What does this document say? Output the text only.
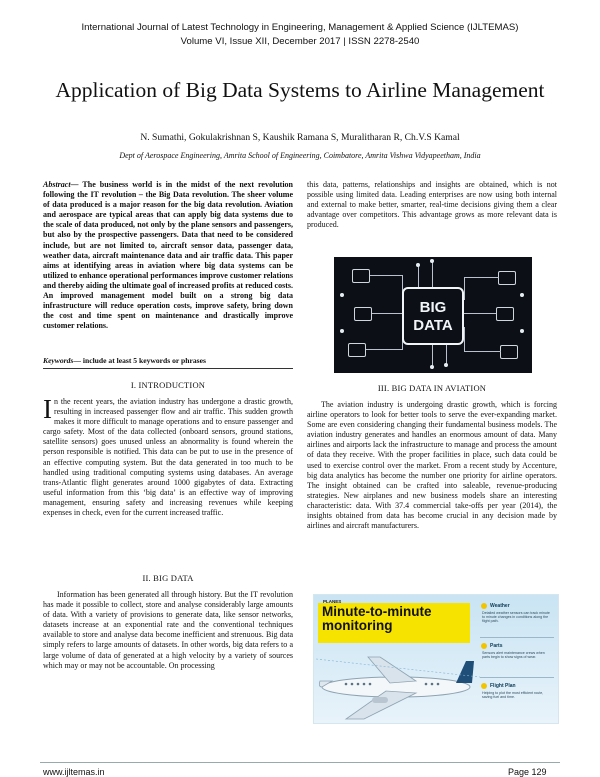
International Journal of Latest Technology in Engineering, Management & Applied Science (IJLTEMAS)
Volume VI, Issue XII, December 2017 | ISSN 2278-2540
Application of Big Data Systems to Airline Management
N. Sumathi, Gokulakrishnan S, Kaushik Ramana S, Muralitharan R, Ch.V.S Kamal
Dept of Aerospace Engineering, Amrita School of Engineering, Coimbatore, Amrita Vishwa Vidyapeetham, India

Abstract— The business world is in the midst of the next revolution following the IT revolution – the Big Data revolution. The sheer volume of data produced is a major reason for the big data revolution. Aviation and aerospace are typical areas that can apply big data systems due to the scale of data produced, not only by the plane sensors and passengers, but also by the prospective passengers. Data that need to be considered include, but are not limited to, aircraft sensor data, passenger data, weather data, aircraft maintenance data and air traffic data. This paper aims at identifying areas in aviation where big data systems can be utilized to enhance operational performances improve customer relations and thereby aiding the ultimate goal of increased profits at reduced costs. An improved management model built on a strong big data infrastructure will reduce operation costs, improve safety, bring down the cost and time spent on maintenance and drastically improve customer relations.

Keywords— include at least 5 keywords or phrases
I. INTRODUCTION

In the recent years, the aviation industry has undergone a drastic growth, resulting in increased passenger flow and air traffic. This sudden growth makes it more difficult to manage operations and to ensure passenger and cargo safety. Most of the data collected (onboard sensors, ground stations, satellite sensors) goes unused unless an abnormality is found wherein the person responsible is notified. This data can be put to use in the presence of an effective computing system. But the data generated in too much to be handled using traditional computing systems using databases. An average trans-Atlantic flight generates around 1000 gigabytes of data. Extracting useful information from this ‘big data’ is an effective way of improving management, ensuring safety and increasing revenues while keeping expenses in check, even for the current increased traffic.

II. BIG DATA

Information has been generated all through history. But the IT revolution has made it possible to collect, store and analyse considerably large amounts of data. With a variety of provisions to generate data, like sensor networks, datasets increase at an exponential rate and the conventional techniques available to store and analyse data become inefficient and strenuous. Big data simply refers to large amounts of datasets. In other words, big data refers to a large volume of data of generated at a high velocity by a variety of sources which may or may not be accountable. On processing

this data, patterns, relationships and insights are obtained, which is not possible using limited data. Leading enterprises are now using both internal and external to make better, smarter, real-time decisions giving them a clear advantage over competitors. This advantage grows as more relevant data is produced.

BIG
DATA
III. BIG DATA IN AVIATION

The aviation industry is undergoing drastic growth, which is forcing airline operators to look for better tools to serve the ever-expanding market. Some are even considering changing their fundamental business models. The aviation industry generates and handles an enormous amount of data. Many airlines and airports lack the infrastructure to manage and process the amount of data they receive. With the proper facilities in place, such data could be used to exercise control over the market. From a recent study by Accenture, big data analytics has become the number one priority for airline operators. The insight obtained can be crafted into saleable, revenue-producing strategies. New airplanes and new business models share an interesting characteristic: data. With 37.4 commercial take-offs per year (2014), the insights obtained from data has become crucial in any decision made by airlines and aircraft manufacturers.

PLANES
Minute-to-minute monitoring
Weather
Detailed weather sensors can track minute to minute changes in conditions along the flight path.
Parts
Sensors alert maintenance crews when parts begin to show signs of wear.
Flight Plan
Helping to plot the most efficient route, saving fuel and time.
www.ijltemas.in	Page 129
